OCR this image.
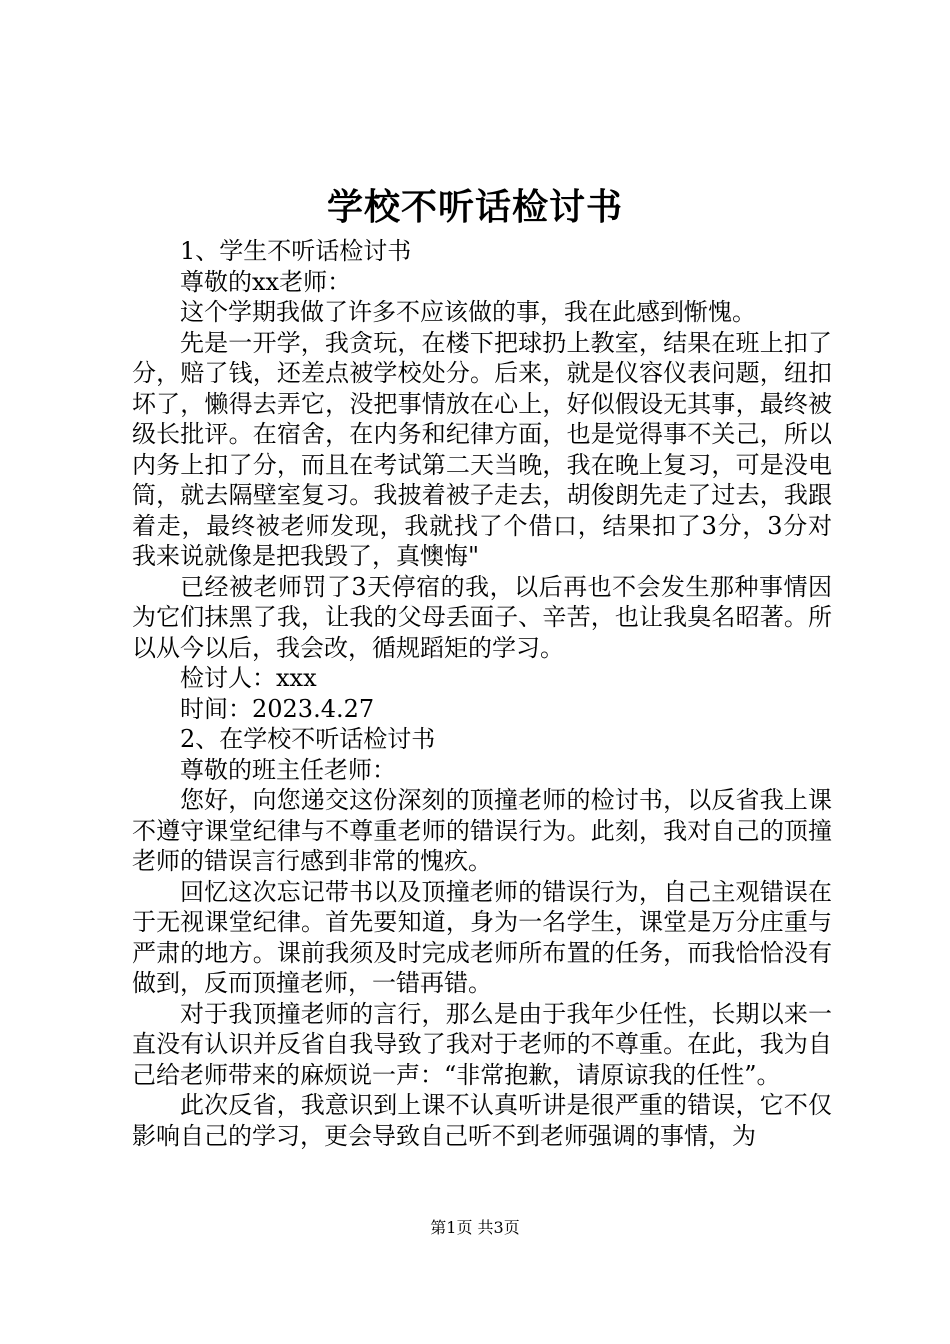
学校不听话检讨书

1、学生不听话检讨书

尊敬的xx老师：

这个学期我做了许多不应该做的事，我在此感到惭愧。

先是一开学，我贪玩，在楼下把球扔上教室，结果在班上扣了分，赔了钱，还差点被学校处分。后来，就是仪容仪表问题，纽扣坏了，懒得去弄它，没把事情放在心上，好似假设无其事，最终被级长批评。在宿舍，在内务和纪律方面，也是觉得事不关己，所以内务上扣了分，而且在考试第二天当晚，我在晚上复习，可是没电筒，就去隔壁室复习。我披着被子走去，胡俊朗先走了过去，我跟着走，最终被老师发现，我就找了个借口，结果扣了3分，3分对我来说就像是把我毁了，真懊悔"

已经被老师罚了3天停宿的我，以后再也不会发生那种事情因为它们抹黑了我，让我的父母丢面子、辛苦，也让我臭名昭著。所以从今以后，我会改，循规蹈矩的学习。

检讨人：xxx

时间：2023.4.27

2、在学校不听话检讨书

尊敬的班主任老师：

您好，向您递交这份深刻的顶撞老师的检讨书，以反省我上课不遵守课堂纪律与不尊重老师的错误行为。此刻，我对自己的顶撞老师的错误言行感到非常的愧疚。

回忆这次忘记带书以及顶撞老师的错误行为，自己主观错误在于无视课堂纪律。首先要知道，身为一名学生，课堂是万分庄重与严肃的地方。课前我须及时完成老师所布置的任务，而我恰恰没有做到，反而顶撞老师，一错再错。

对于我顶撞老师的言行，那么是由于我年少任性，长期以来一直没有认识并反省自我导致了我对于老师的不尊重。在此，我为自己给老师带来的麻烦说一声：“非常抱歉，请原谅我的任性”。

此次反省，我意识到上课不认真听讲是很严重的错误，它不仅影响自己的学习，更会导致自己听不到老师强调的事情，为

第1页 共3页
